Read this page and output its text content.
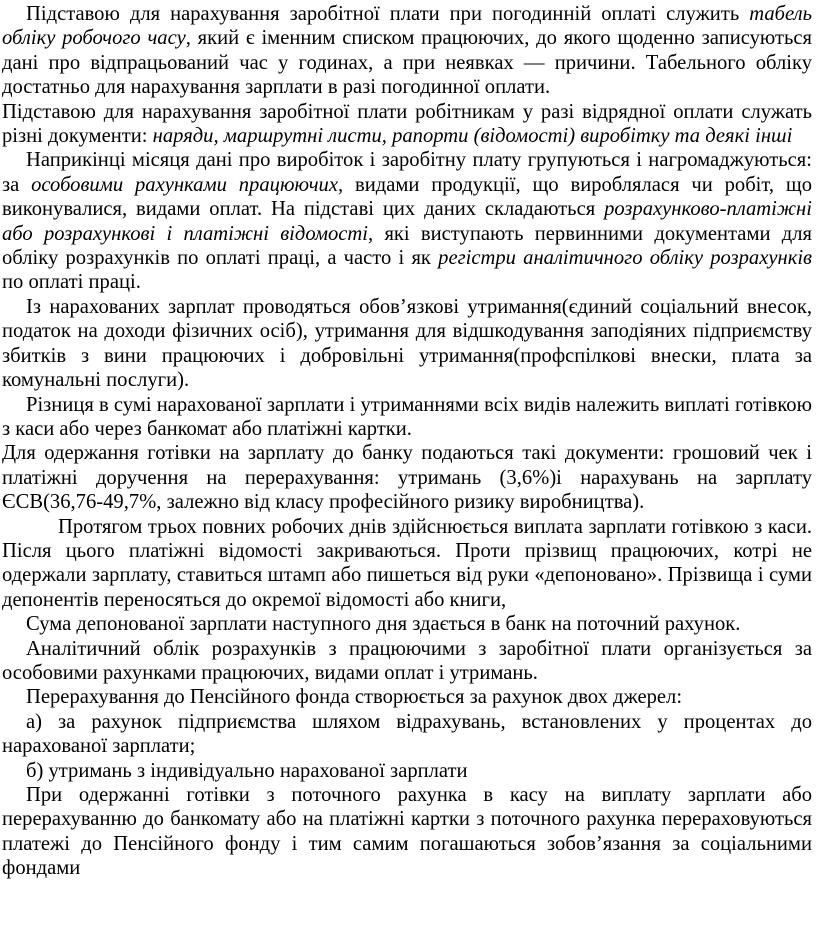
Підставою для нарахування заробітної плати при погодинній оплаті служить табель обліку робочого часу, який є іменним списком працюючих, до якого щоденно записуються дані про відпрацьований час у годинах, а при неявках — причини. Табельного обліку достатньо для нарахування зарплати в разі погодинної оплати.

Підставою для нарахування заробітної плати робітникам у разі відрядної оплати служать різні документи: наряди, маршрутні листи, рапорти (відомості) виробітку та деякі інші

Наприкінці місяця дані про виробіток і заробітну плату групуються і нагромаджуються: за особовими рахунками працюючих, видами продукції, що вироблялася чи робіт, що виконувалися, видами оплат. На підставі цих даних складаються розрахунково-платіжні або розрахункові і платіжні відомості, які виступають первинними документами для обліку розрахунків по оплаті праці, а часто і як регістри аналітичного обліку розрахунків по оплаті праці.

Із нарахованих зарплат проводяться обов’язкові утримання(єдиний соціальний внесок, податок на доходи фізичних осіб), утримання для відшкодування заподіяних підприємству збитків з вини працюючих і добровільні утримання(профспілкові внески, плата за комунальні послуги).

Різниця в сумі нарахованої зарплати і утриманнями всіх видів належить виплаті готівкою з каси або через банкомат або платіжні картки.

Для одержання готівки на зарплату до банку подаються такі документи: грошовий чек і платіжні доручення на перерахування: утримань (3,6%)і нарахувань на зарплату ЄСВ(36,76-49,7%, залежно від класу професійного ризику виробництва).

Протягом трьох повних робочих днів здійснюється виплата зарплати готівкою з каси. Після цього платіжні відомості закриваються. Проти прізвищ працюючих, котрі не одержали зарплату, ставиться штамп або пишеться від руки «депоновано». Прізвища і суми депонентів переносяться до окремої відомості або книги,

Сума депонованої зарплати наступного дня здається в банк на поточний рахунок.

Аналітичний облік розрахунків з працюючими з заробітної плати організується за особовими рахунками працюючих, видами оплат і утримань.

Перерахування до Пенсійного фонда створюється за рахунок двох джерел:

а) за рахунок підприємства шляхом відрахувань, встановлених у процентах до нарахованої зарплати;

б) утримань з індивідуально нарахованої зарплати

При одержанні готівки з поточного рахунка в касу на виплату зарплати або перерахуванню до банкомату або на платіжні картки з поточного рахунка перераховуються платежі до Пенсійного фонду і тим самим погашаються зобов’язання за соціальними фондами
